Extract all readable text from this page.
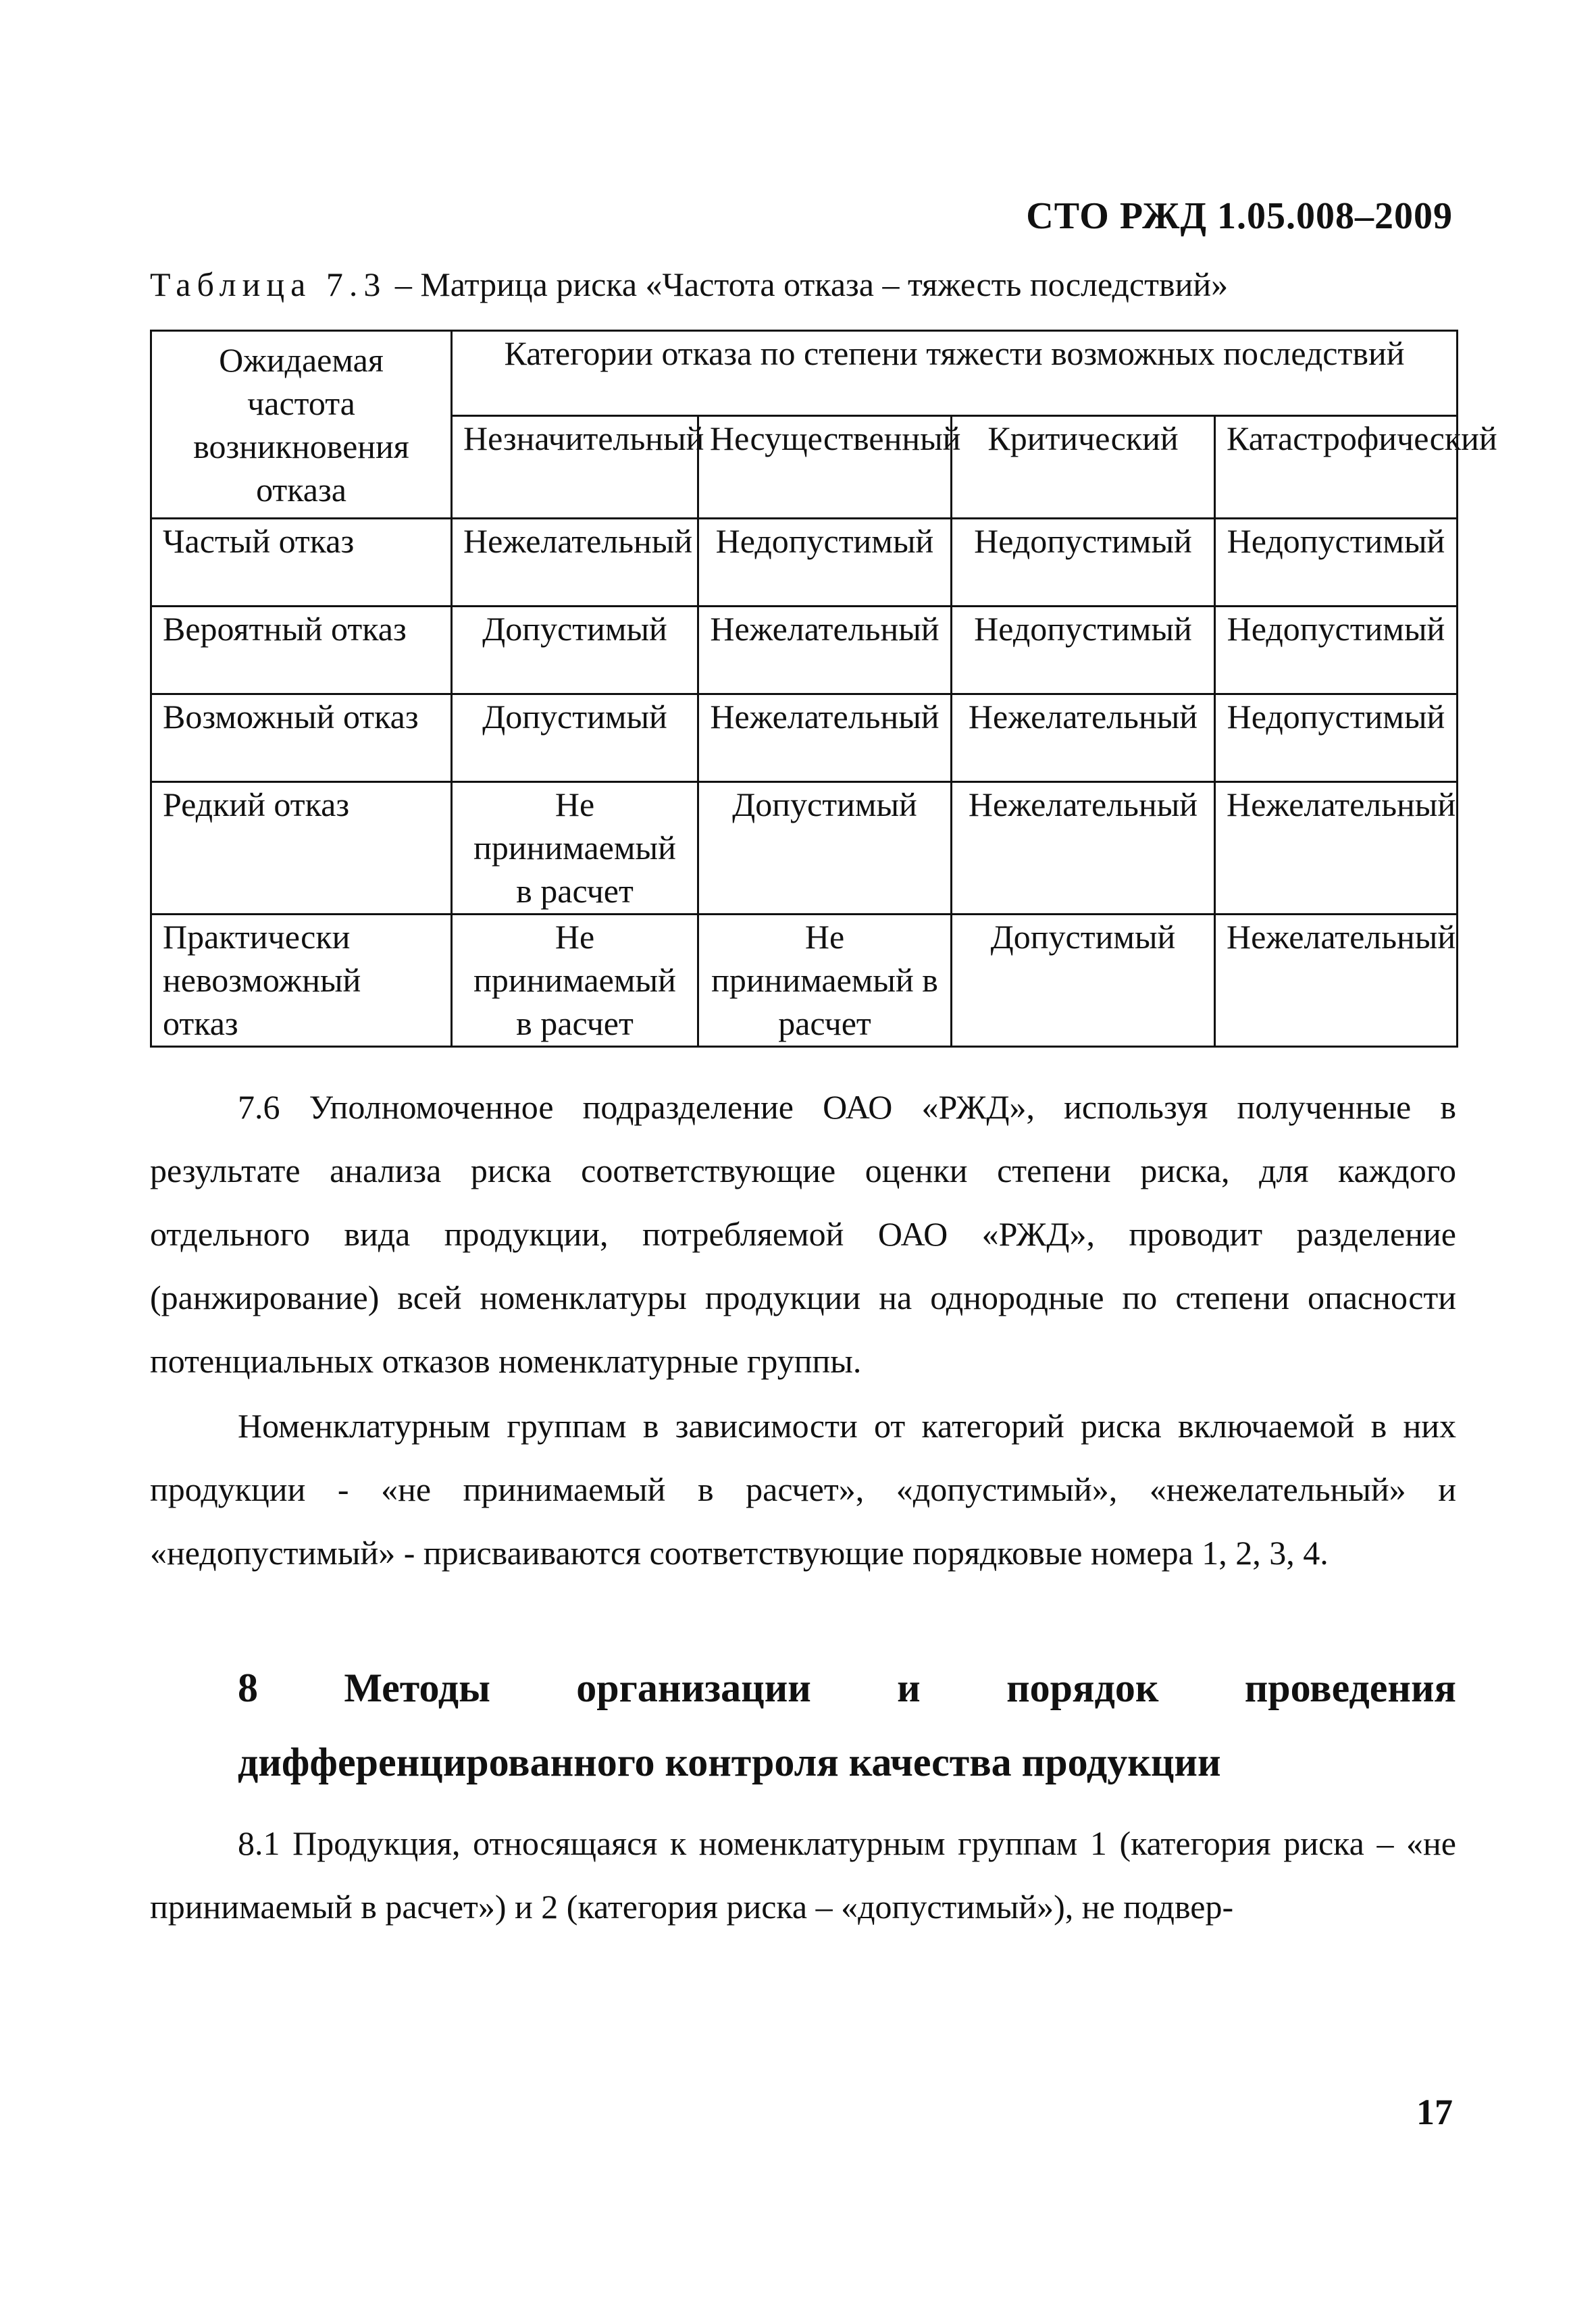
СТО РЖД 1.05.008–2009
Таблица 7.3 – Матрица риска «Частота отказа – тяжесть последствий»
Ожидаемая частота возникновения отказа	Категории отказа по степени тяжести возможных последствий			
	Незначительный	Несущественный	Критический	Катастрофический
Частый отказ	Нежелательный	Недопустимый	Недопустимый	Недопустимый
Вероятный отказ	Допустимый	Нежелательный	Недопустимый	Недопустимый
Возможный отказ	Допустимый	Нежелательный	Нежелательный	Недопустимый
Редкий отказ	Не принимаемый в расчет	Допустимый	Нежелательный	Нежелательный
Практически невозможный отказ	Не принимаемый в расчет	Не принимаемый в расчет	Допустимый	Нежелательный

7.6 Уполномоченное подразделение ОАО «РЖД», используя полученные в результате анализа риска соответствующие оценки степени риска, для каждого отдельного вида продукции, потребляемой ОАО «РЖД», проводит разделение (ранжирование) всей номенклатуры продукции на однородные по степени опасности потенциальных отказов номенклатурные группы.

Номенклатурным группам в зависимости от категорий риска включаемой в них продукции - «не принимаемый в расчет», «допустимый», «нежелательный» и «недопустимый» - присваиваются соответствующие порядковые номера 1, 2, 3, 4.

8 Методы организации и порядок проведения дифференцированного контроля качества продукции

8.1 Продукция, относящаяся к номенклатурным группам 1 (категория риска – «не принимаемый в расчет») и 2 (категория риска – «допустимый»), не подвер-

17
